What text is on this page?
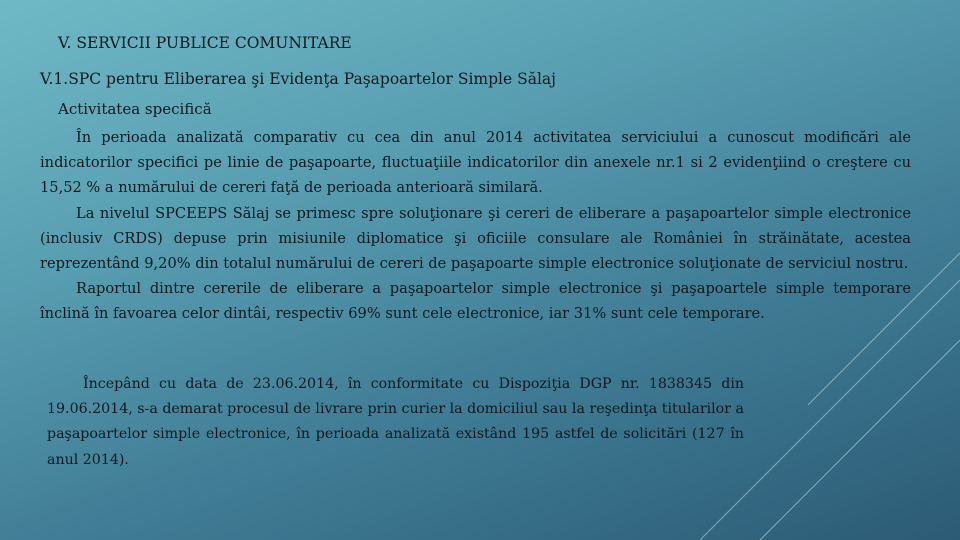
V. SERVICII PUBLICE COMUNITARE
V.1.SPC pentru Eliberarea şi Evidenţa Paşapoartelor Simple Sălaj
Activitatea specifică
În perioada analizată comparativ cu cea din anul 2014 activitatea serviciului a cunoscut modificări ale indicatorilor specifici pe linie de paşapoarte, fluctuaţiile indicatorilor din anexele nr.1 si 2 evidenţiind o creştere cu 15,52 % a numărului de cereri faţă de perioada anterioară similară.
La nivelul SPCEEPS Sălaj se primesc spre soluţionare şi cereri de eliberare a paşapoartelor simple electronice (inclusiv CRDS) depuse prin misiunile diplomatice şi oficiile consulare ale României în străinătate, acestea reprezentând 9,20% din totalul numărului de cereri de paşapoarte simple electronice soluţionate de serviciul nostru.
Raportul dintre cererile de eliberare a paşapoartelor simple electronice şi paşapoartele simple temporare înclină în favoarea celor dintâi, respectiv 69% sunt cele electronice, iar 31% sunt cele temporare.
Începând cu data de 23.06.2014, în conformitate cu Dispoziţia DGP nr. 1838345 din 19.06.2014, s-a demarat procesul de livrare prin curier la domiciliul sau la reşedinţa titularilor a paşapoartelor simple electronice, în perioada analizată existând 195 astfel de solicitări (127 în anul 2014).
